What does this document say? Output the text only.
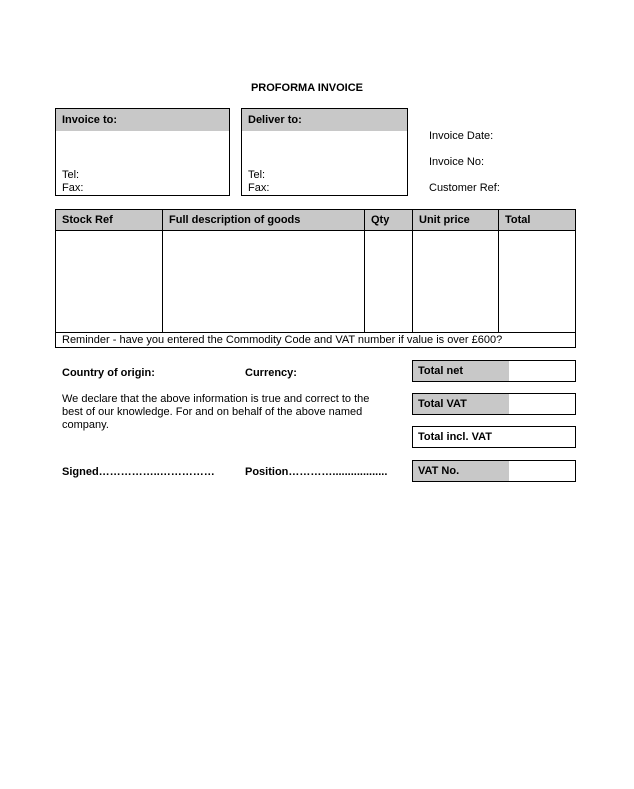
PROFORMA INVOICE
Invoice to:
Tel:
Fax:
Deliver to:
Tel:
Fax:
Invoice Date:
Invoice No:
Customer Ref:
Stock Ref	Full description of goods	Qty	Unit price	Total
Reminder - have you entered the Commodity Code and VAT number if value is over £600?
Country of origin:	Currency:
We declare that the above information is true and correct to the best of our knowledge. For and on behalf of the above named company.
Signed……………..……………	Position…………..................
Total net
Total VAT
Total incl. VAT
VAT No.
